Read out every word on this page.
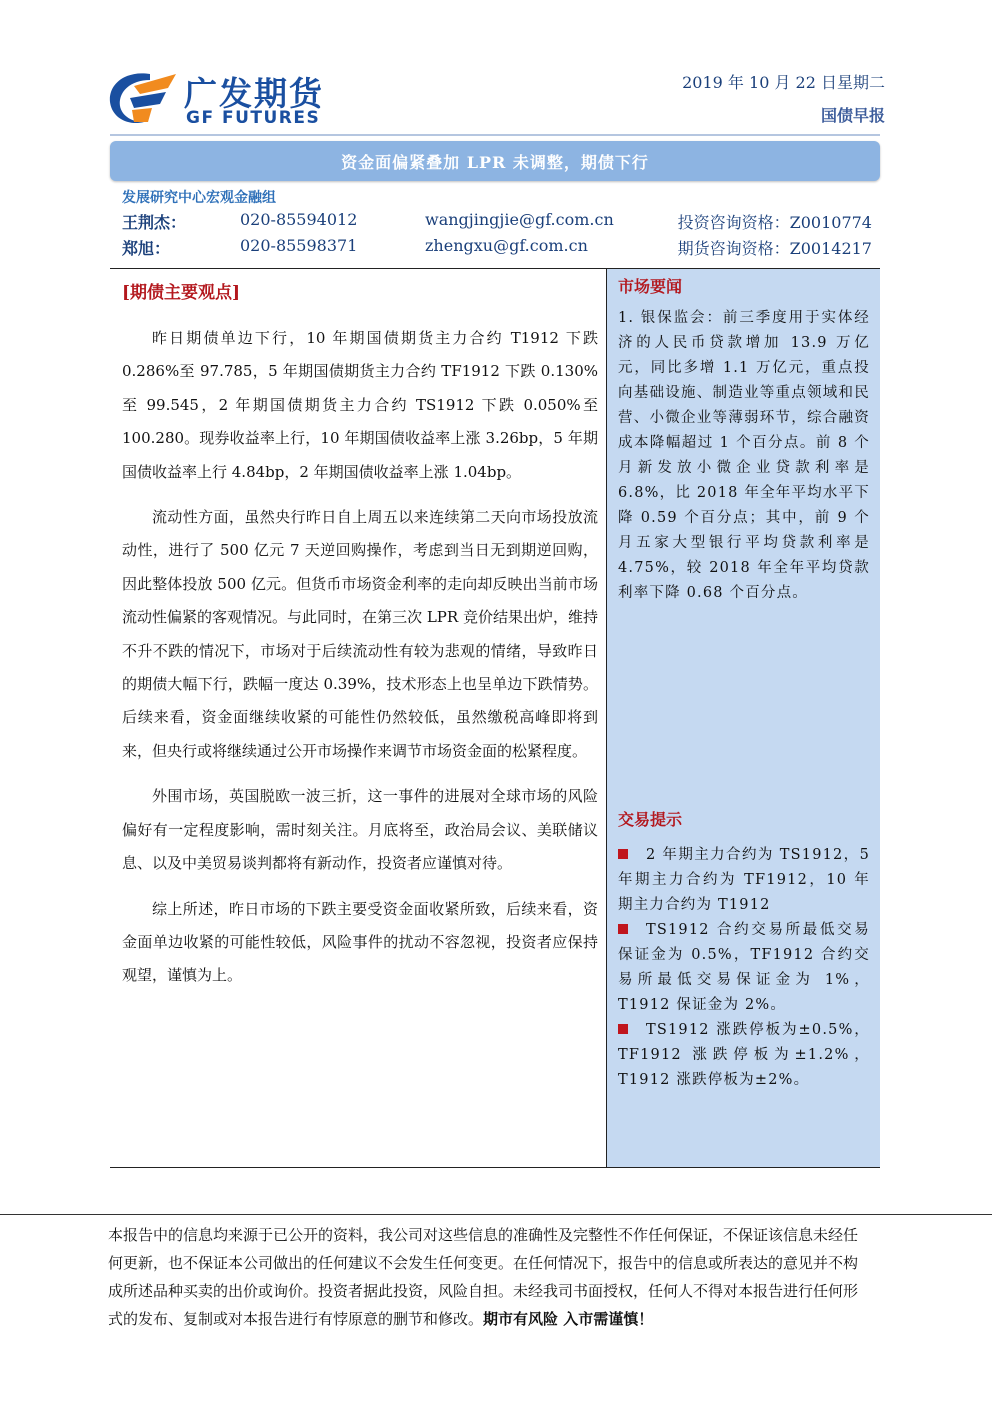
广发期货
GF FUTURES
2019 年 10 月 22 日星期二
国债早报
资金面偏紧叠加 LPR 未调整，期债下行
发展研究中心宏观金融组
王荆杰：	020-85594012	wangjingjie@gf.com.cn	投资咨询资格：Z0010774
郑旭：	020-85598371	zhengxu@gf.com.cn	期货咨询资格：Z0014217
[期债主要观点]

昨日期债单边下行，10 年期国债期货主力合约 T1912 下跌 0.286%至 97.785，5 年期国债期货主力合约 TF1912 下跌 0.130%至 99.545，2 年期国债期货主力合约 TS1912 下跌 0.050%至 100.280。现券收益率上行，10 年期国债收益率上涨 3.26bp，5 年期国债收益率上行 4.84bp，2 年期国债收益率上涨 1.04bp。

流动性方面，虽然央行昨日自上周五以来连续第二天向市场投放流动性，进行了 500 亿元 7 天逆回购操作，考虑到当日无到期逆回购，因此整体投放 500 亿元。但货币市场资金利率的走向却反映出当前市场流动性偏紧的客观情况。与此同时，在第三次 LPR 竞价结果出炉，维持不升不跌的情况下，市场对于后续流动性有较为悲观的情绪，导致昨日的期债大幅下行，跌幅一度达 0.39%，技术形态上也呈单边下跌情势。后续来看，资金面继续收紧的可能性仍然较低，虽然缴税高峰即将到来，但央行或将继续通过公开市场操作来调节市场资金面的松紧程度。

外围市场，英国脱欧一波三折，这一事件的进展对全球市场的风险偏好有一定程度影响，需时刻关注。月底将至，政治局会议、美联储议息、以及中美贸易谈判都将有新动作，投资者应谨慎对待。

综上所述，昨日市场的下跌主要受资金面收紧所致，后续来看，资金面单边收紧的可能性较低，风险事件的扰动不容忽视，投资者应保持观望，谨慎为上。

市场要闻
1. 银保监会：前三季度用于实体经济的人民币贷款增加 13.9 万亿元，同比多增 1.1 万亿元，重点投向基础设施、制造业等重点领域和民营、小微企业等薄弱环节，综合融资成本降幅超过 1 个百分点。前 8 个月新发放小微企业贷款利率是 6.8%，比 2018 年全年平均水平下降 0.59 个百分点；其中，前 9 个月五家大型银行平均贷款利率是 4.75%，较 2018 年全年平均贷款利率下降 0.68 个百分点。
交易提示
2 年期主力合约为 TS1912，5 年期主力合约为 TF1912，10 年期主力合约为 T1912
TS1912 合约交易所最低交易保证金为 0.5%，TF1912 合约交易所最低交易保证金为 1%，T1912 保证金为 2%。
TS1912 涨跌停板为±0.5%，TF1912 涨跌停板为±1.2%，T1912 涨跌停板为±2%。

本报告中的信息均来源于已公开的资料，我公司对这些信息的准确性及完整性不作任何保证，不保证该信息未经任何更新，也不保证本公司做出的任何建议不会发生任何变更。在任何情况下，报告中的信息或所表达的意见并不构成所述品种买卖的出价或询价。投资者据此投资，风险自担。未经我司书面授权，任何人不得对本报告进行任何形式的发布、复制或对本报告进行有悖原意的删节和修改。期市有风险 入市需谨慎！
